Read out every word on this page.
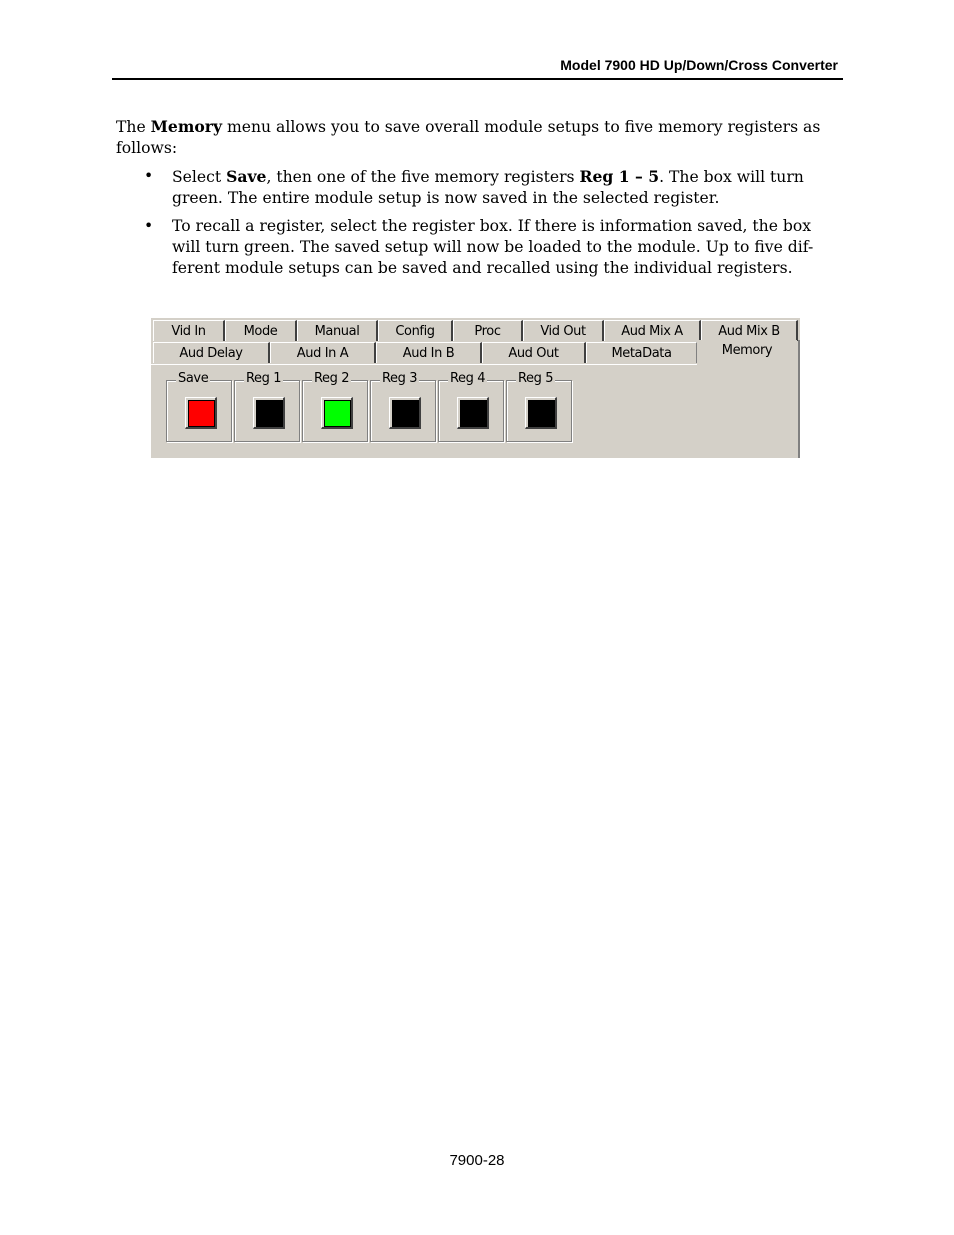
Model 7900 HD Up/Down/Cross Converter

The Memory menu allows you to save overall module setups to five memory registers as follows:

• Select Save, then one of the five memory registers Reg 1 – 5. The box will turn green. The entire module setup is now saved in the selected register.
• To recall a register, select the register box. If there is information saved, the box will turn green. The saved setup will now be loaded to the module. Up to five dif-ferent module setups can be saved and recalled using the individual registers.
Vid In	Mode	Manual	Config	Proc	Vid Out	Aud Mix A	Aud Mix B
Aud Delay	Aud In A	Aud In B	Aud Out	MetaData	Memory
Save	Reg 1	Reg 2	Reg 3	Reg 4	Reg 5
7900-28
